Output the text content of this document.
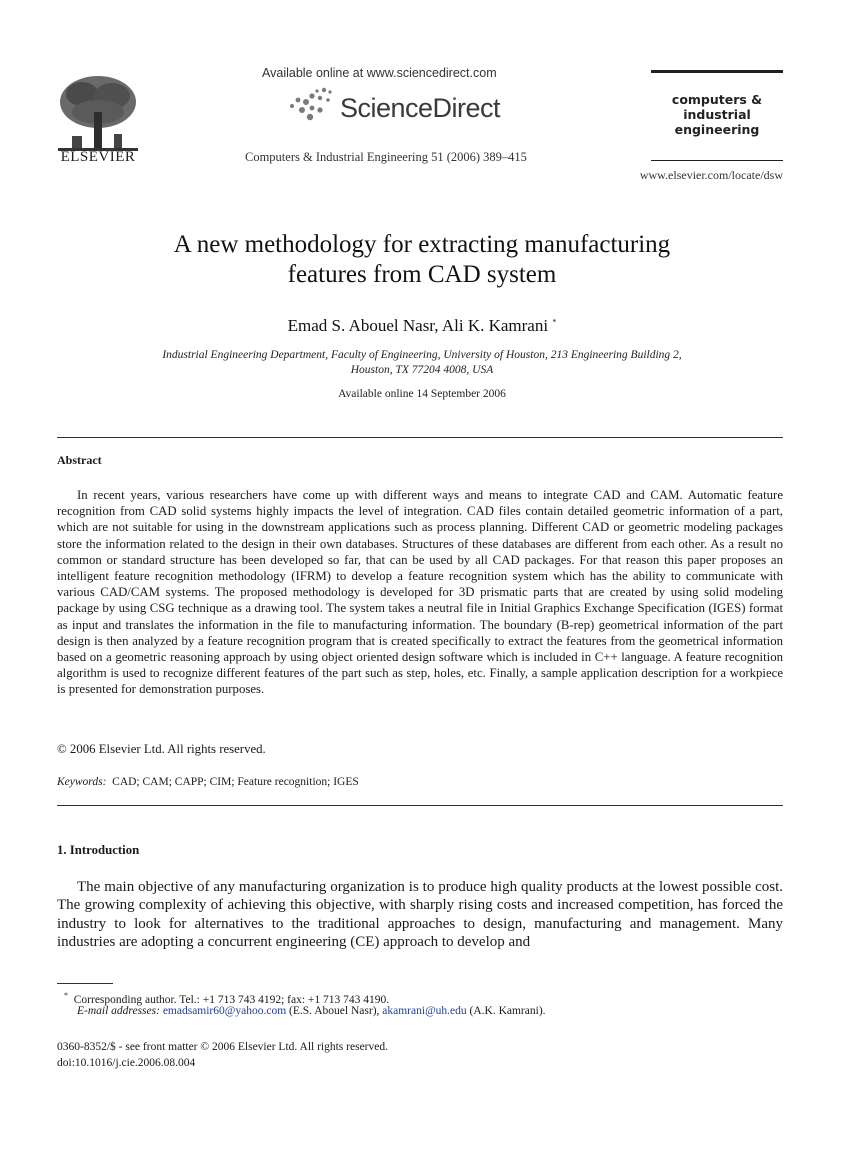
ELSEVIER
Available online at www.sciencedirect.com
ScienceDirect
Computers & Industrial Engineering 51 (2006) 389–415
computers &
industrial
engineering
www.elsevier.com/locate/dsw
A new methodology for extracting manufacturing
features from CAD system
Emad S. Abouel Nasr, Ali K. Kamrani *
Industrial Engineering Department, Faculty of Engineering, University of Houston, 213 Engineering Building 2,
Houston, TX 77204 4008, USA
Available online 14 September 2006
Abstract

In recent years, various researchers have come up with different ways and means to integrate CAD and CAM. Automatic feature recognition from CAD solid systems highly impacts the level of integration. CAD files contain detailed geometric information of a part, which are not suitable for using in the downstream applications such as process planning. Different CAD or geometric modeling packages store the information related to the design in their own databases. Structures of these databases are different from each other. As a result no common or standard structure has been developed so far, that can be used by all CAD packages. For that reason this paper proposes an intelligent feature recognition methodology (IFRM) to develop a feature recognition system which has the ability to communicate with various CAD/CAM systems. The proposed methodology is developed for 3D prismatic parts that are created by using solid modeling package by using CSG technique as a drawing tool. The system takes a neutral file in Initial Graphics Exchange Specification (IGES) format as input and translates the information in the file to manufacturing information. The boundary (B-rep) geometrical information of the part design is then analyzed by a feature recognition program that is created specifically to extract the features from the geometrical information based on a geometric reasoning approach by using object oriented design software which is included in C++ language. A feature recognition algorithm is used to recognize different features of the part such as step, holes, etc. Finally, a sample application description for a workpiece is presented for demonstration purposes.

© 2006 Elsevier Ltd. All rights reserved.
Keywords: CAD; CAM; CAPP; CIM; Feature recognition; IGES
1. Introduction

The main objective of any manufacturing organization is to produce high quality products at the lowest possible cost. The growing complexity of achieving this objective, with sharply rising costs and increased competition, has forced the industry to look for alternatives to the traditional approaches to design, manufacturing and management. Many industries are adopting a concurrent engineering (CE) approach to develop and

* Corresponding author. Tel.: +1 713 743 4192; fax: +1 713 743 4190.
E-mail addresses: emadsamir60@yahoo.com (E.S. Abouel Nasr), akamrani@uh.edu (A.K. Kamrani).
0360-8352/$ - see front matter © 2006 Elsevier Ltd. All rights reserved.
doi:10.1016/j.cie.2006.08.004
